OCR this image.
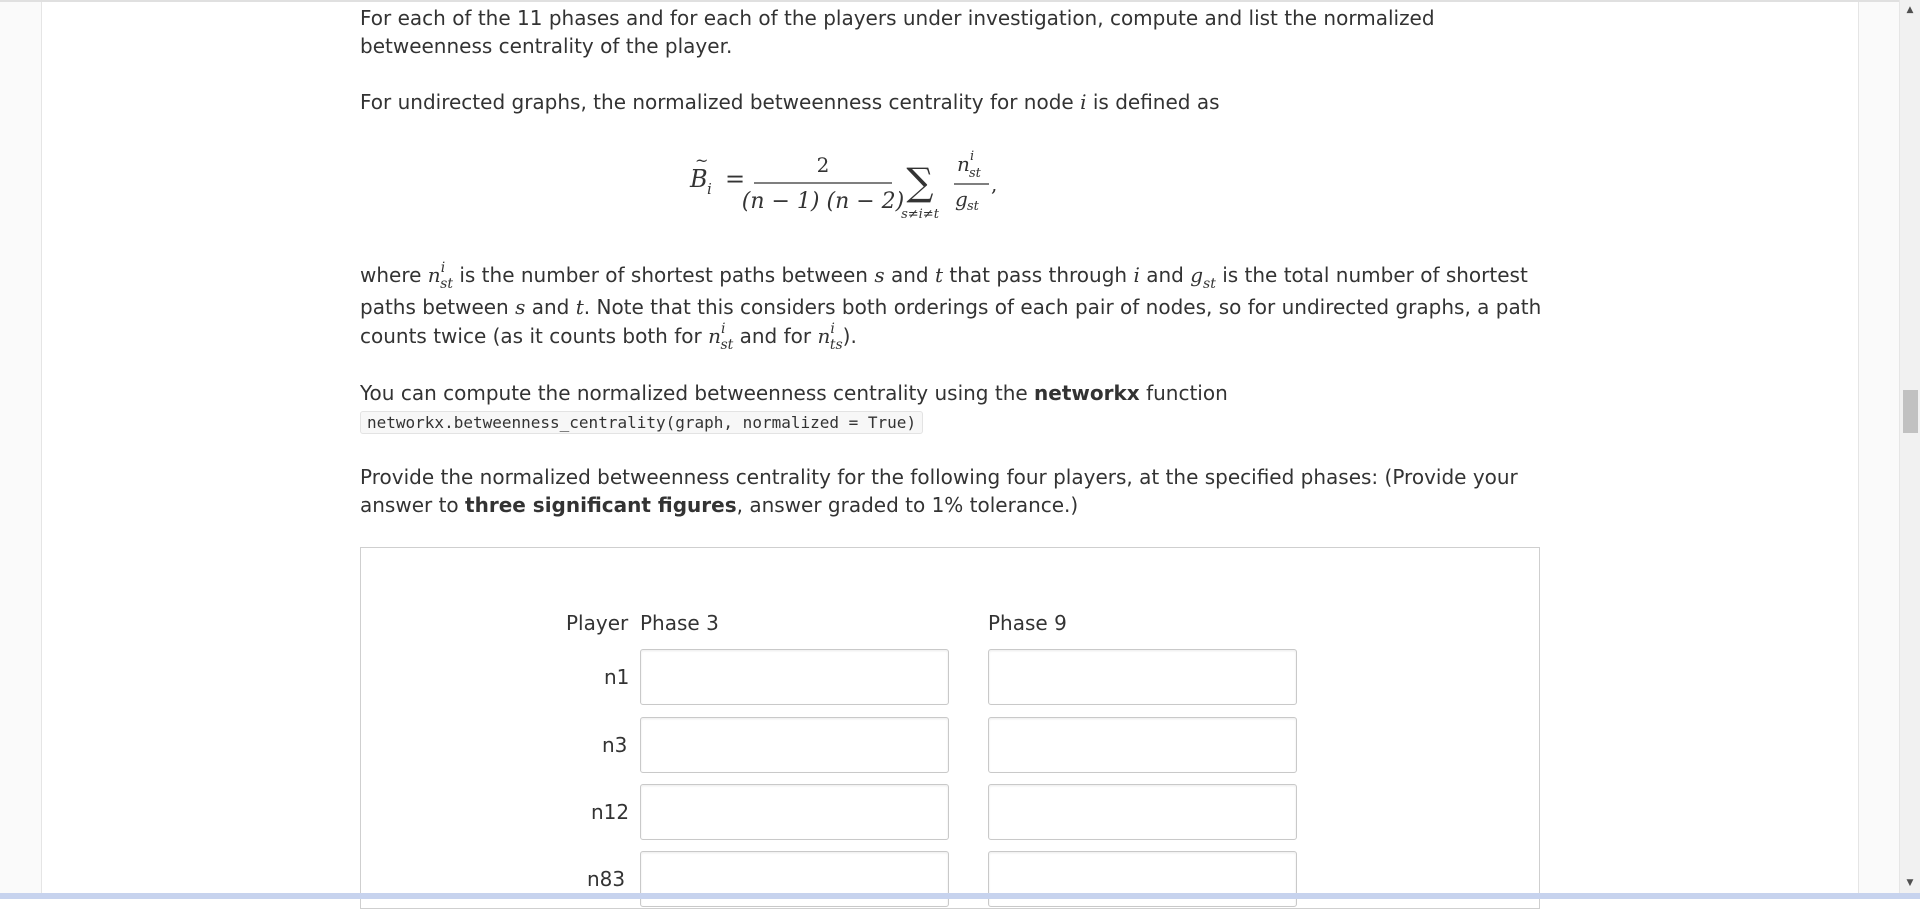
For each of the 11 phases and for each of the players under investigation, compute and list the normalized betweenness centrality of the player.

For undirected graphs, the normalized betweenness centrality for node i is defined as

where $n^i_{st}$ is the number of shortest paths between s and t that pass through i and $g_{st}$ is the total number of shortest paths between s and t. Note that this considers both orderings of each pair of nodes, so for undirected graphs, a path counts twice (as it counts both for $n^i_{st}$ and for $n^i_{ts}$).

You can compute the normalized betweenness centrality using the networkx function

networkx.betweenness_centrality(graph, normalized = True)

Provide the normalized betweenness centrality for the following four players, at the specified phases: (Provide your answer to three significant figures, answer graded to 1% tolerance.)

B
~
i =	2
(n − 1) (n − 2) ∑
s≠i≠t
n i
st
g st
,
Player Phase 3	Phase 9
n1
n3
n12
n83
▲
▼
